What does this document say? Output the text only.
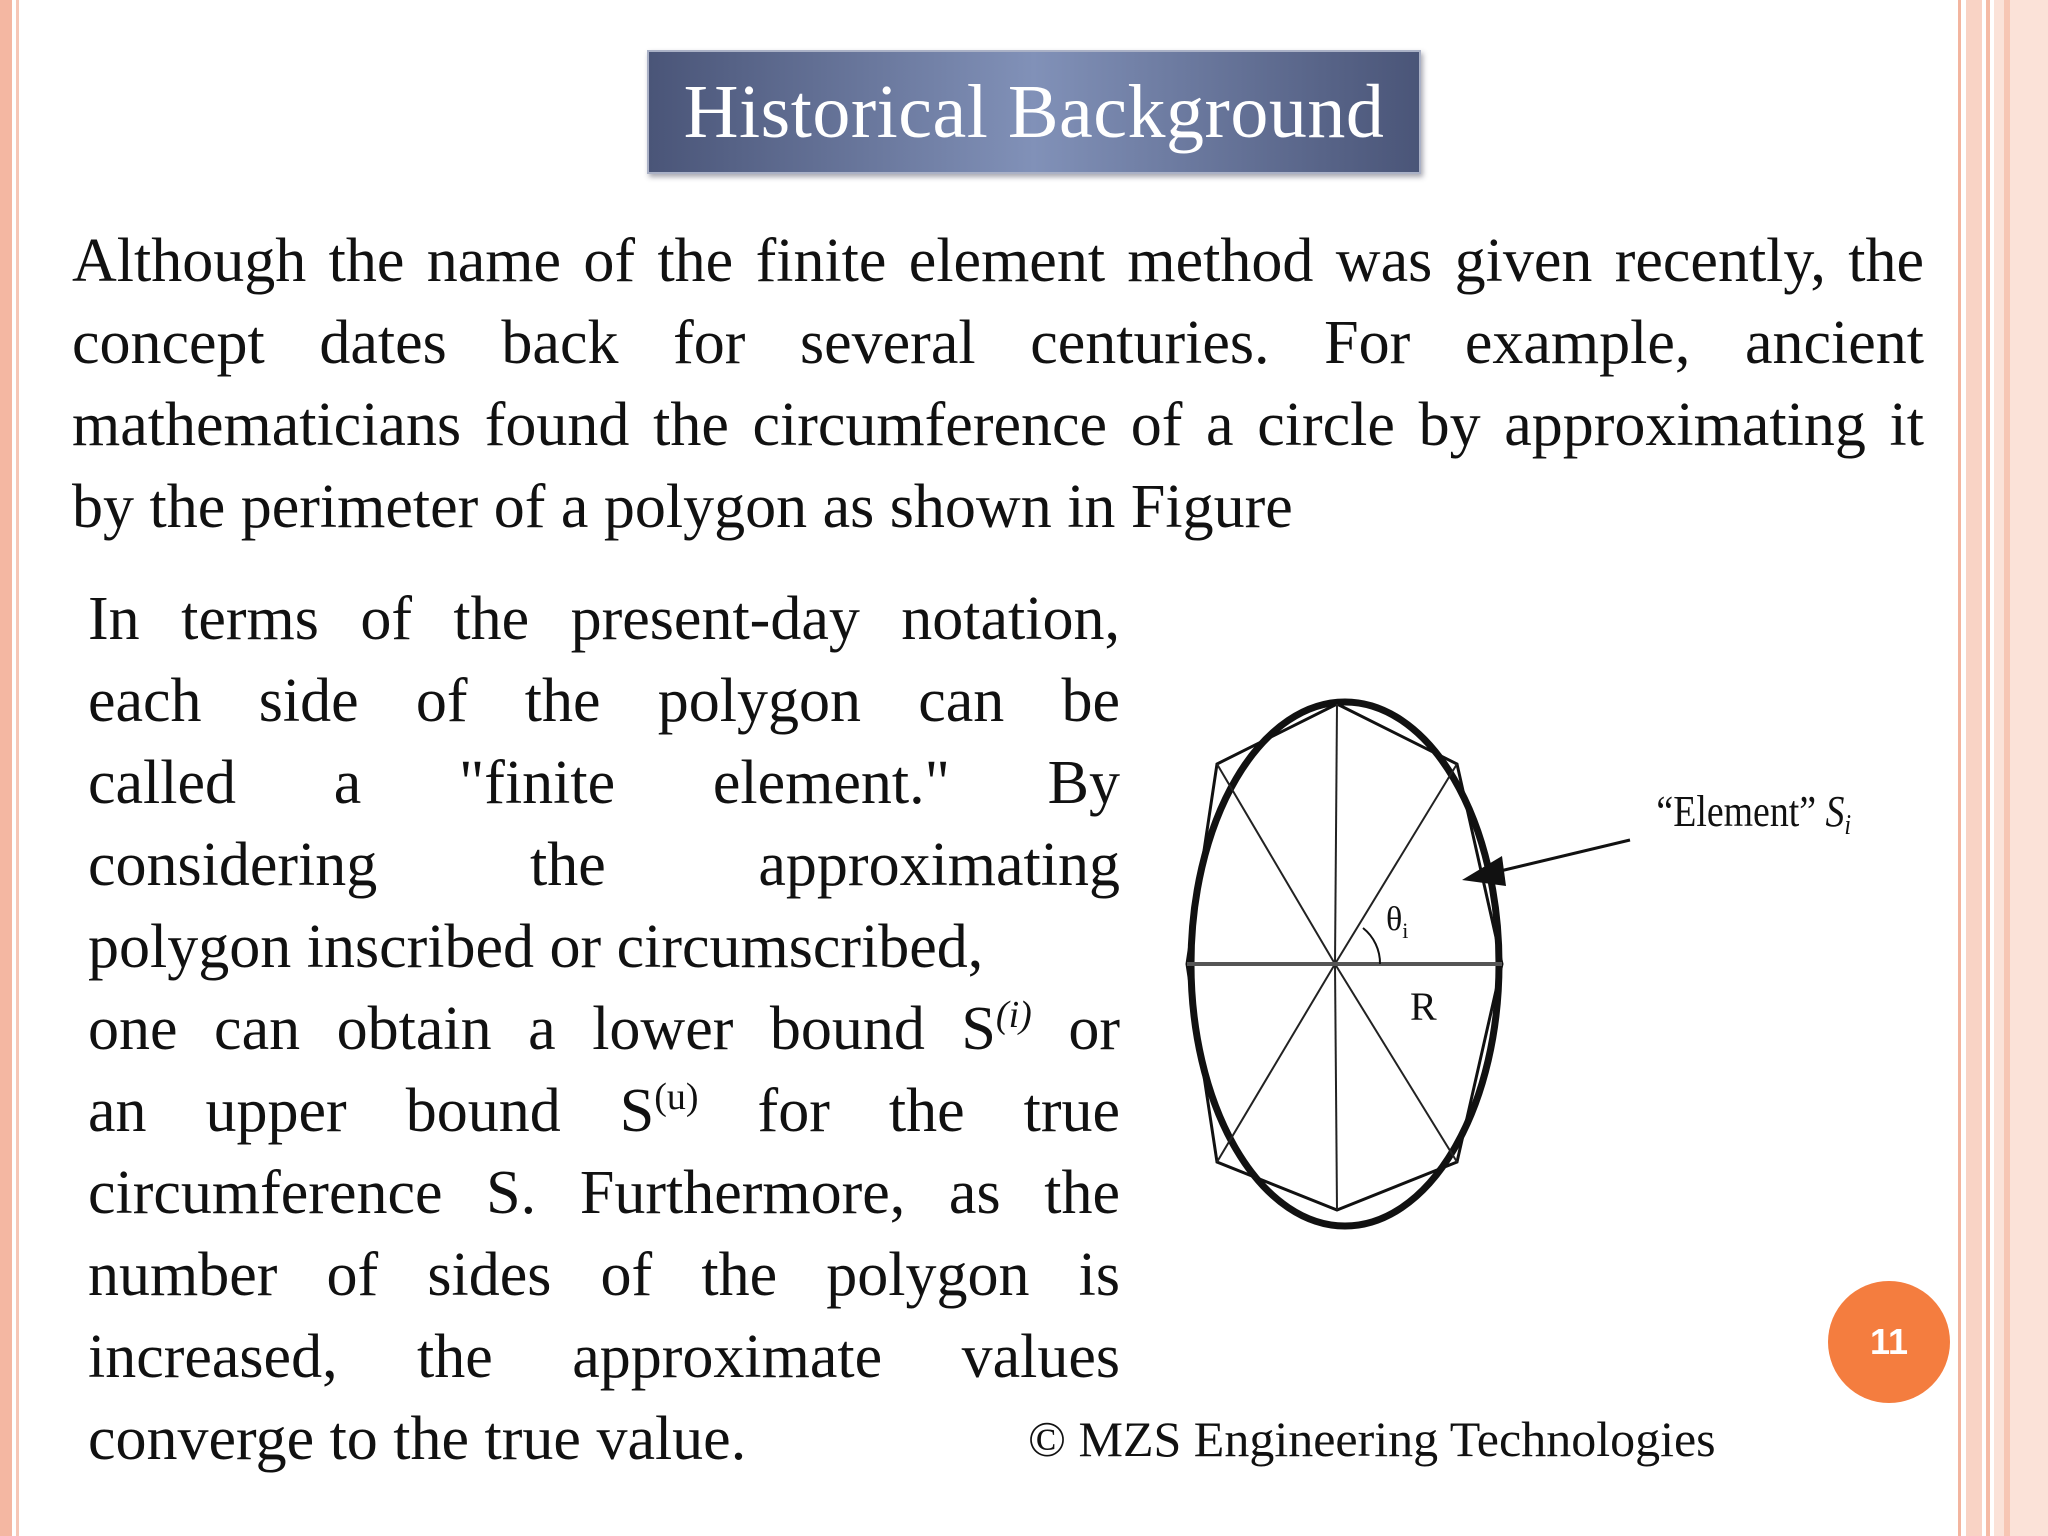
Historical Background
Although the name of the finite element method was given recently, the concept dates back for several centuries. For example, ancient mathematicians found the circumference of a circle by approximating it by the perimeter of a polygon as shown in Figure
In terms of the present-day notation,
each side of the polygon can be
called a "finite element." By
considering the approximating
polygon inscribed or circumscribed,
one can obtain a lower bound $S^{(i)}$ or
an upper bound $S^{(u)}$ for the true
circumference S. Furthermore, as the
number of sides of the polygon is
increased, the approximate values
converge to the true value.
$\theta_i$
R
“Element” Si
© MZS Engineering Technologies
11
